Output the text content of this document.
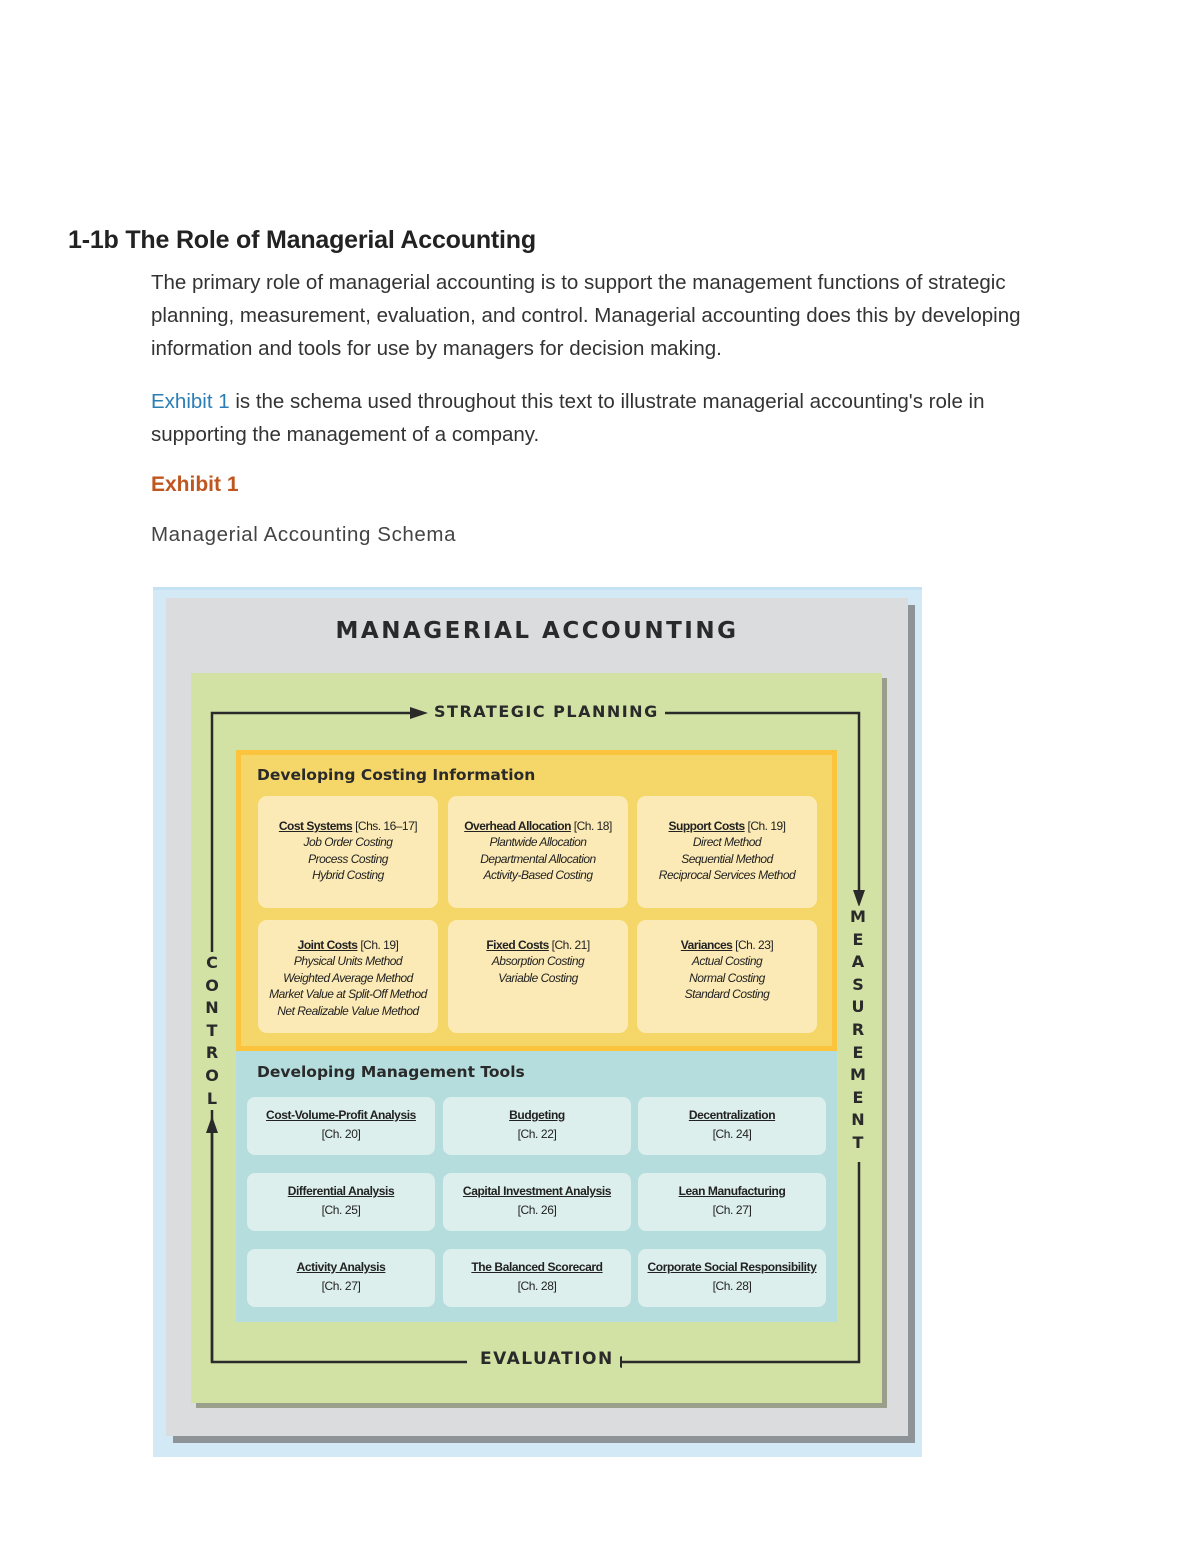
1-1b The Role of Managerial Accounting

The primary role of managerial accounting is to support the management functions of strategic planning, measurement, evaluation, and control. Managerial accounting does this by developing information and tools for use by managers for decision making.

Exhibit 1 is the schema used throughout this text to illustrate managerial accounting's role in supporting the management of a company.

Exhibit 1

Managerial Accounting Schema

MANAGERIAL ACCOUNTING
STRATEGIC PLANNING
EVALUATION
C
O
N
T
R
O
L
M
E
A
S
U
R
E
M
E
N
T
Developing Costing Information
Cost Systems [Chs. 16–17]
Job Order Costing
Process Costing
Hybrid Costing
Overhead Allocation [Ch. 18]
Plantwide Allocation
Departmental Allocation
Activity-Based Costing
Support Costs [Ch. 19]
Direct Method
Sequential Method
Reciprocal Services Method
Joint Costs [Ch. 19]
Physical Units Method
Weighted Average Method
Market Value at Split-Off Method
Net Realizable Value Method
Fixed Costs [Ch. 21]
Absorption Costing
Variable Costing
Variances [Ch. 23]
Actual Costing
Normal Costing
Standard Costing
Developing Management Tools
Cost-Volume-Profit Analysis
[Ch. 20]
Budgeting
[Ch. 22]
Decentralization
[Ch. 24]
Differential Analysis
[Ch. 25]
Capital Investment Analysis
[Ch. 26]
Lean Manufacturing
[Ch. 27]
Activity Analysis
[Ch. 27]
The Balanced Scorecard
[Ch. 28]
Corporate Social Responsibility
[Ch. 28]
